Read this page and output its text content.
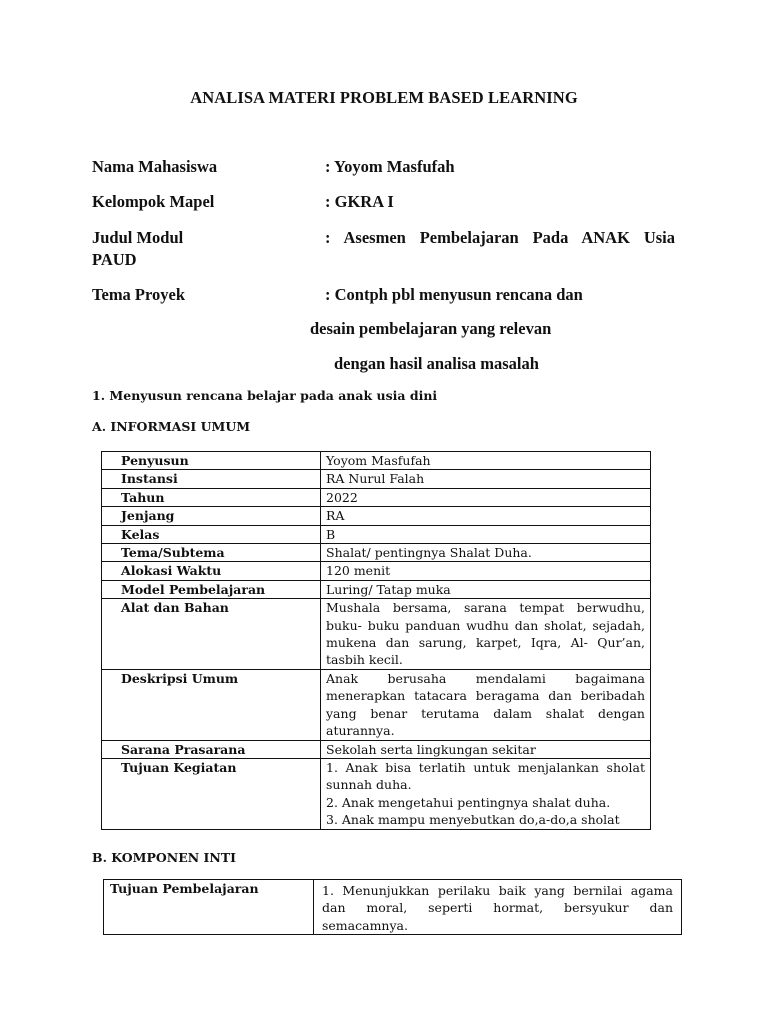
ANALISA MATERI PROBLEM BASED LEARNING
Nama Mahasiswa	: Yoyom Masfufah
Kelompok Mapel	: GKRA I
Judul Modul	: Asesmen Pembelajaran Pada ANAK Usia
PAUD
Tema Proyek	: Contph pbl menyusun rencana dan
desain pembelajaran yang relevan
dengan hasil analisa masalah
1. Menyusun rencana belajar pada anak usia dini
A. INFORMASI UMUM
Penyusun	Yoyom Masfufah
Instansi	RA Nurul Falah
Tahun	2022
Jenjang	RA
Kelas	B
Tema/Subtema	Shalat/ pentingnya Shalat Duha.
Alokasi Waktu	120 menit
Model Pembelajaran	Luring/ Tatap muka
Alat dan Bahan	Mushala bersama, sarana tempat berwudhu, buku- buku panduan wudhu dan sholat, sejadah, mukena dan sarung, karpet, Iqra, Al- Qur’an, tasbih kecil.
Deskripsi Umum	Anak berusaha mendalami bagaimana menerapkan tatacara beragama dan beribadah yang benar terutama dalam shalat dengan aturannya.
Sarana Prasarana	Sekolah serta lingkungan sekitar
Tujuan Kegiatan	1. Anak bisa terlatih untuk menjalankan sholat sunnah duha.
2. Anak mengetahui pentingnya shalat duha.
3. Anak mampu menyebutkan do,a-do,a sholat
B. KOMPONEN INTI
Tujuan Pembelajaran	1. Menunjukkan perilaku baik yang bernilai agama dan moral, seperti hormat, bersyukur dan semacamnya.
